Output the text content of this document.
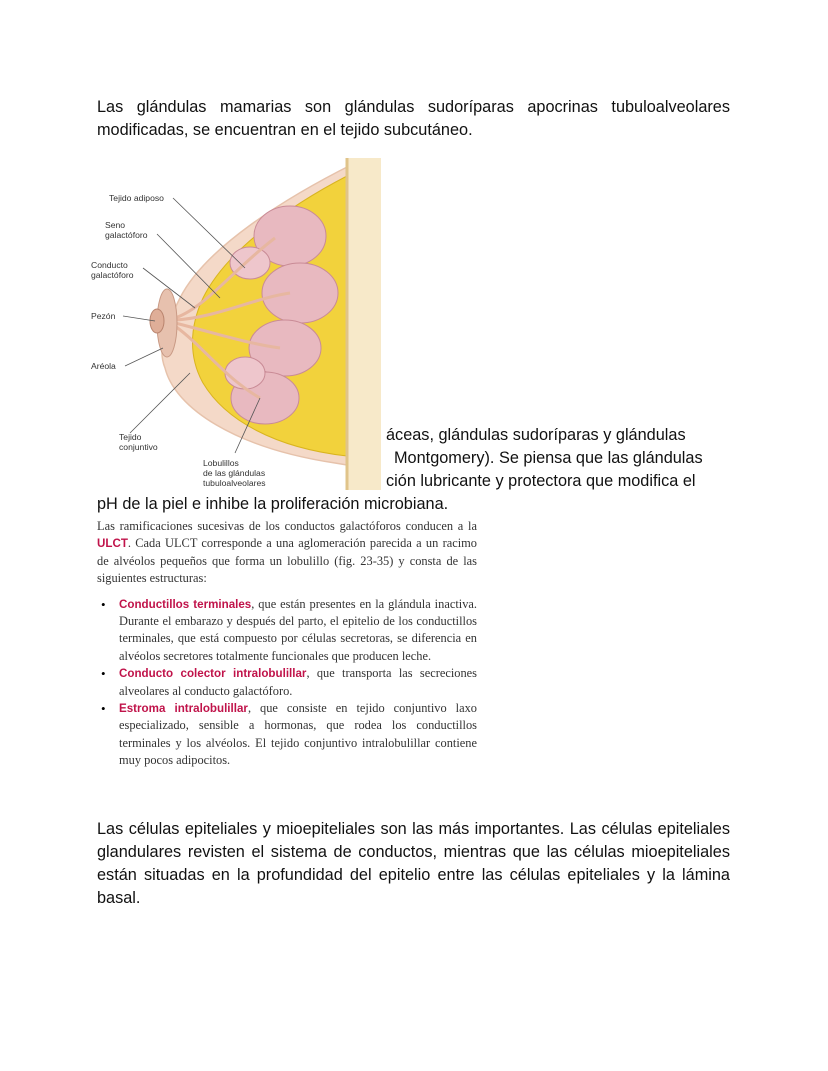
Las glándulas mamarias son glándulas sudoríparas apocrinas tubuloalveolares modificadas, se encuentran en el tejido subcutáneo.

áceas, glándulas sudoríparas y glándulas
Montgomery). Se piensa que las glándulas
ción lubricante y protectora que modifica el
pH de la piel e inhibe la proliferación microbiana.
Tejido adiposo
Seno
galactóforo
Conducto
galactóforo
Pezón
Aréola
Tejido
conjuntivo
Lobulillos
de las glándulas
tubuloalveolares

Las ramificaciones sucesivas de los conductos galactóforos conducen a la ULCT. Cada ULCT corresponde a una aglomeración parecida a un racimo de alvéolos pequeños que forma un lobulillo (fig. 23-35) y consta de las siguientes estructuras:

• Conductillos terminales, que están presentes en la glándula inactiva. Durante el embarazo y después del parto, el epitelio de los conductillos terminales, que está compuesto por células secretoras, se diferencia en alvéolos secretores totalmente funcionales que producen leche.
• Conducto colector intralobulillar, que transporta las secreciones alveolares al conducto galactóforo.
• Estroma intralobulillar, que consiste en tejido conjuntivo laxo especializado, sensible a hormonas, que rodea los conductillos terminales y los alvéolos. El tejido conjuntivo intralobulillar contiene muy pocos adipocitos.

Las células epiteliales y mioepiteliales son las más importantes. Las células epiteliales glandulares revisten el sistema de conductos, mientras que las células mioepiteliales están situadas en la profundidad del epitelio entre las células epiteliales y la lámina basal.
